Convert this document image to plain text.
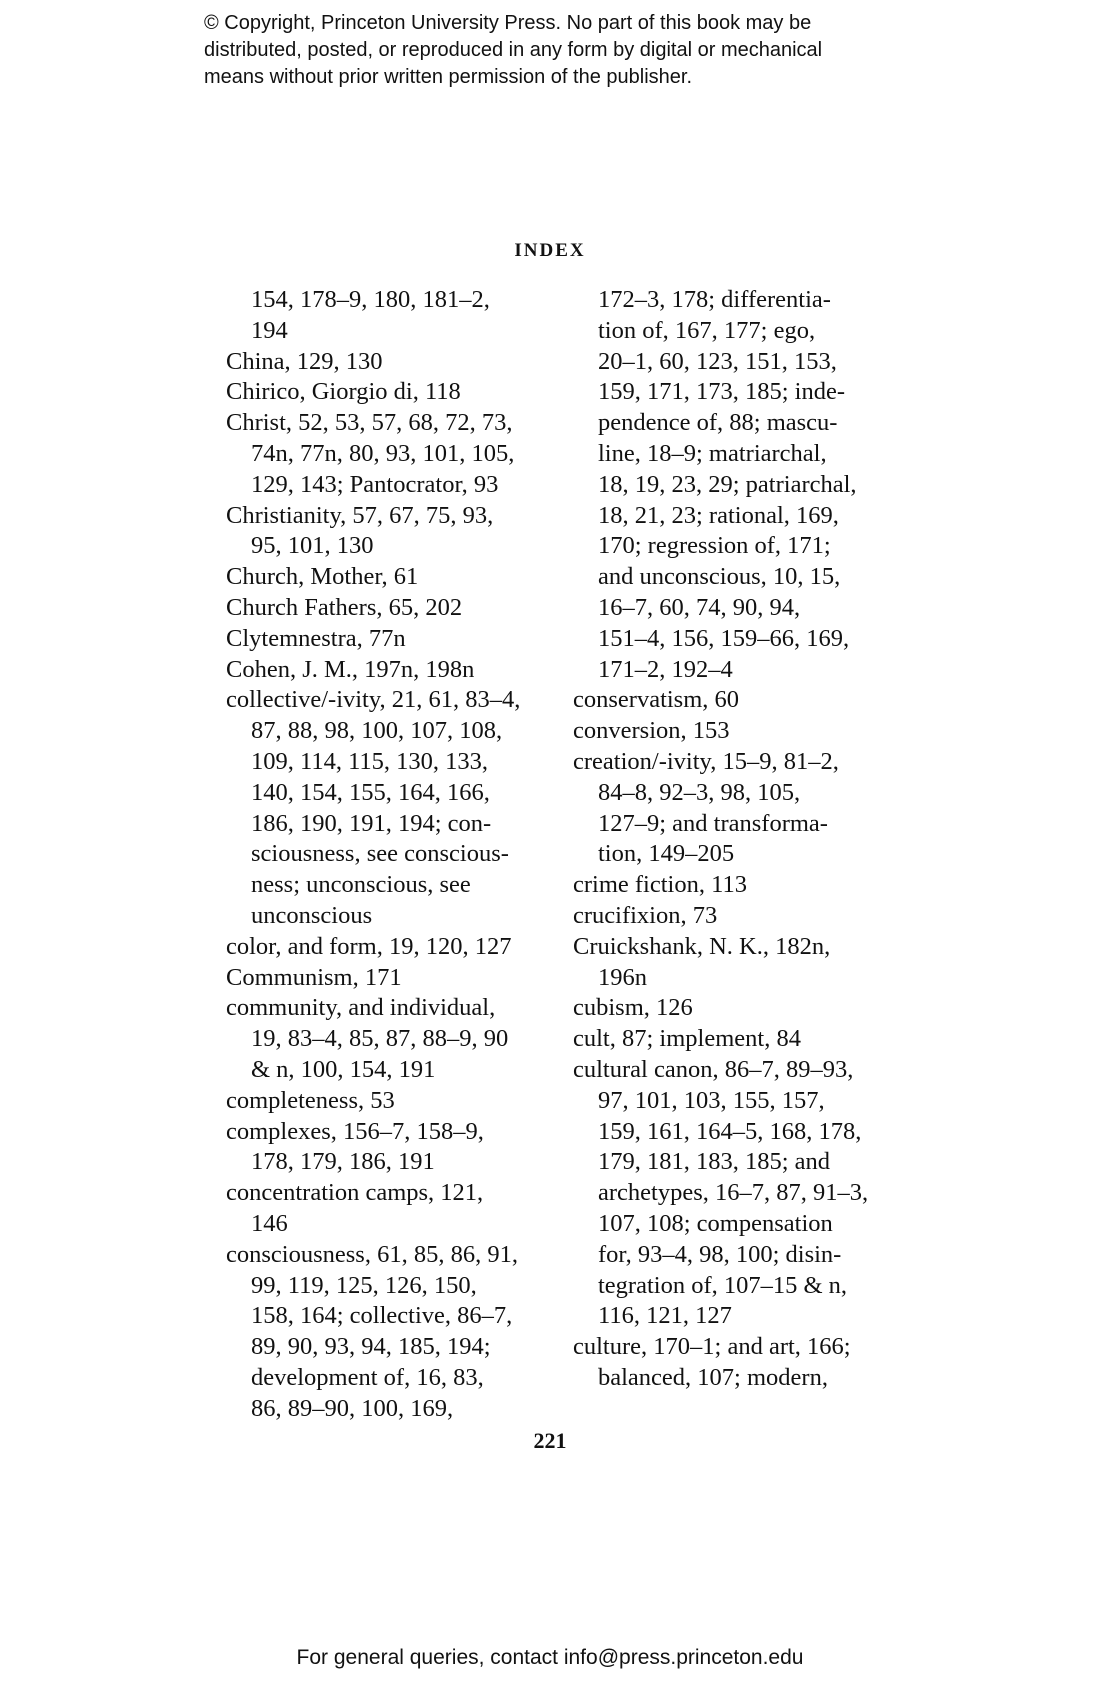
© Copyright, Princeton University Press. No part of this book may be
distributed, posted, or reproduced in any form by digital or mechanical
means without prior written permission of the publisher.
INDEX
154, 178–9, 180, 181–2,
194
China, 129, 130
Chirico, Giorgio di, 118
Christ, 52, 53, 57, 68, 72, 73,
74n, 77n, 80, 93, 101, 105,
129, 143; Pantocrator, 93
Christianity, 57, 67, 75, 93,
95, 101, 130
Church, Mother, 61
Church Fathers, 65, 202
Clytemnestra, 77n
Cohen, J. M., 197n, 198n
collective/-ivity, 21, 61, 83–4,
87, 88, 98, 100, 107, 108,
109, 114, 115, 130, 133,
140, 154, 155, 164, 166,
186, 190, 191, 194; con-
sciousness, see conscious-
ness; unconscious, see
unconscious
color, and form, 19, 120, 127
Communism, 171
community, and individual,
19, 83–4, 85, 87, 88–9, 90
& n, 100, 154, 191
completeness, 53
complexes, 156–7, 158–9,
178, 179, 186, 191
concentration camps, 121,
146
consciousness, 61, 85, 86, 91,
99, 119, 125, 126, 150,
158, 164; collective, 86–7,
89, 90, 93, 94, 185, 194;
development of, 16, 83,
86, 89–90, 100, 169,
172–3, 178; differentia-
tion of, 167, 177; ego,
20–1, 60, 123, 151, 153,
159, 171, 173, 185; inde-
pendence of, 88; mascu-
line, 18–9; matriarchal,
18, 19, 23, 29; patriarchal,
18, 21, 23; rational, 169,
170; regression of, 171;
and unconscious, 10, 15,
16–7, 60, 74, 90, 94,
151–4, 156, 159–66, 169,
171–2, 192–4
conservatism, 60
conversion, 153
creation/-ivity, 15–9, 81–2,
84–8, 92–3, 98, 105,
127–9; and transforma-
tion, 149–205
crime fiction, 113
crucifixion, 73
Cruickshank, N. K., 182n,
196n
cubism, 126
cult, 87; implement, 84
cultural canon, 86–7, 89–93,
97, 101, 103, 155, 157,
159, 161, 164–5, 168, 178,
179, 181, 183, 185; and
archetypes, 16–7, 87, 91–3,
107, 108; compensation
for, 93–4, 98, 100; disin-
tegration of, 107–15 & n,
116, 121, 127
culture, 170–1; and art, 166;
balanced, 107; modern,
221
For general queries, contact info@press.princeton.edu
